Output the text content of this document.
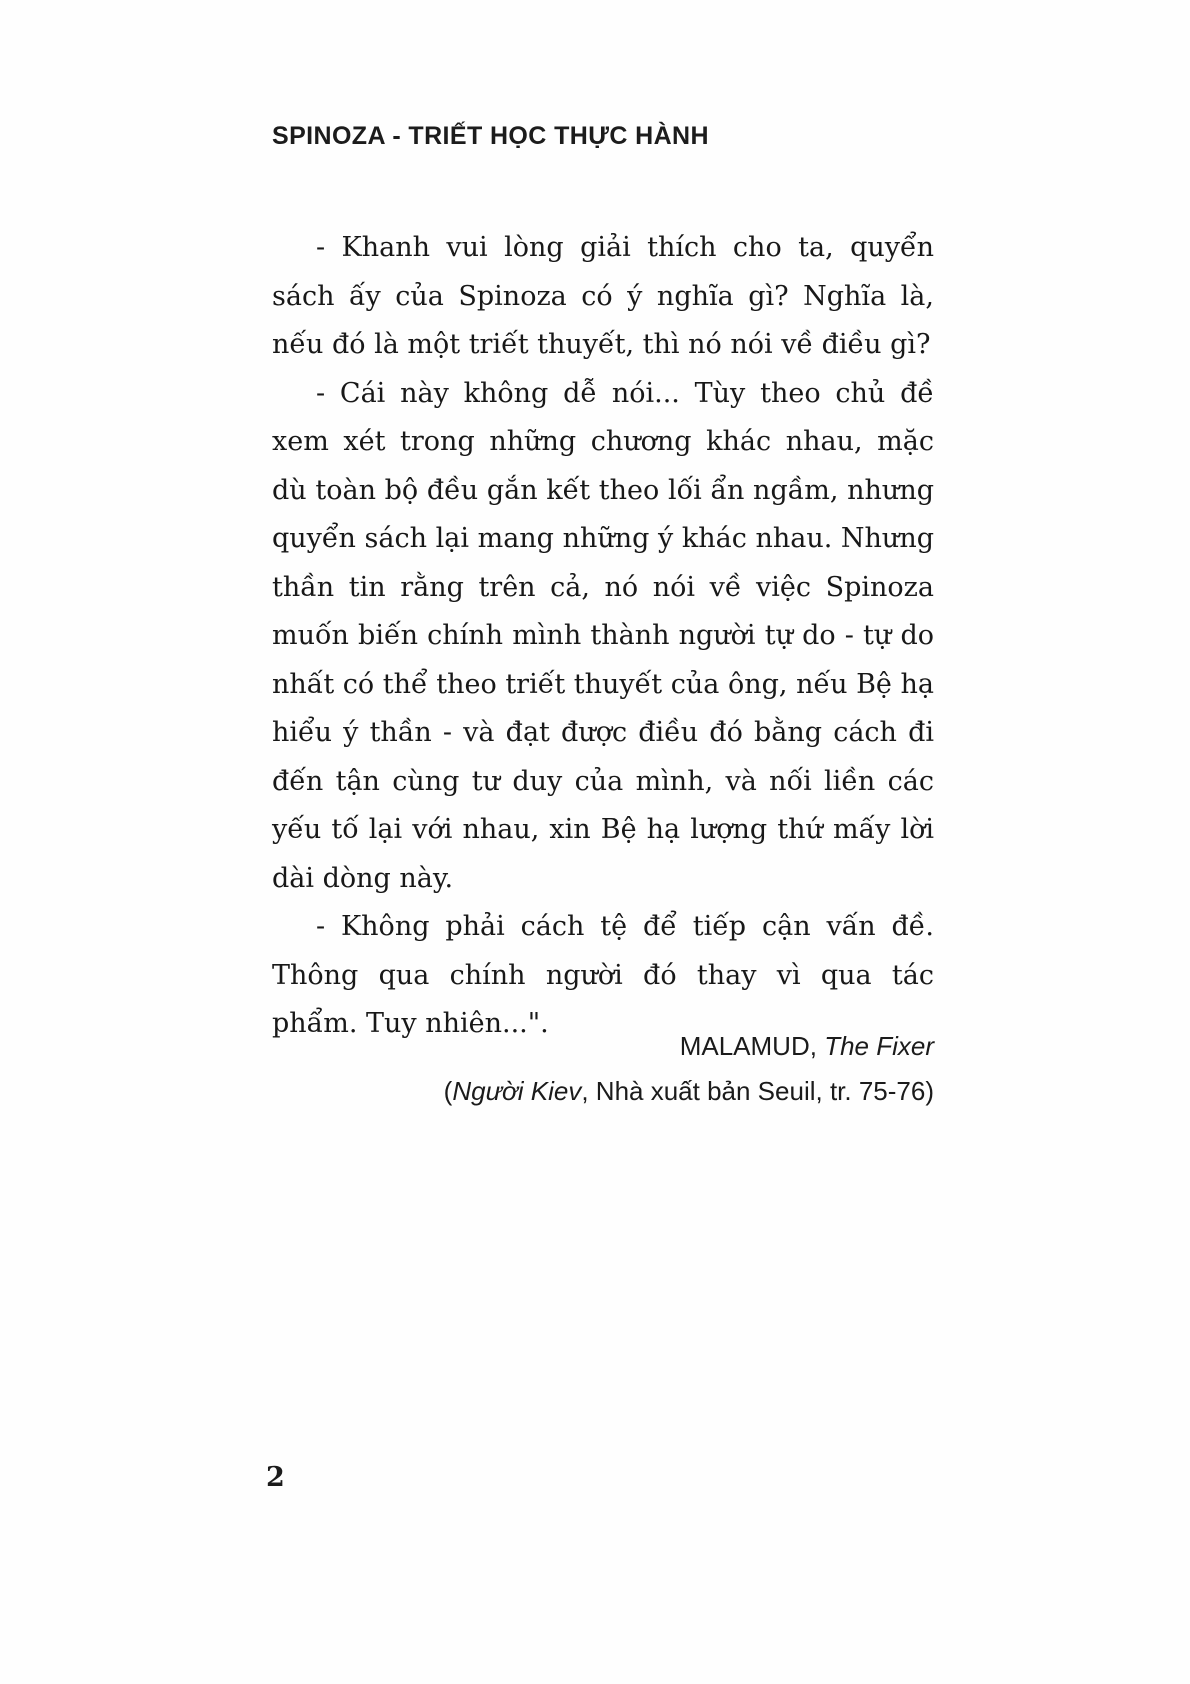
SPINOZA - TRIẾT HỌC THỰC HÀNH

- Khanh vui lòng giải thích cho ta, quyển sách ấy của Spinoza có ý nghĩa gì? Nghĩa là, nếu đó là một triết thuyết, thì nó nói về điều gì?

- Cái này không dễ nói... Tùy theo chủ đề xem xét trong những chương khác nhau, mặc dù toàn bộ đều gắn kết theo lối ẩn ngầm, nhưng quyển sách lại mang những ý khác nhau. Nhưng thần tin rằng trên cả, nó nói về việc Spinoza muốn biến chính mình thành người tự do - tự do nhất có thể theo triết thuyết của ông, nếu Bệ hạ hiểu ý thần - và đạt được điều đó bằng cách đi đến tận cùng tư duy của mình, và nối liền các yếu tố lại với nhau, xin Bệ hạ lượng thứ mấy lời dài dòng này.

- Không phải cách tệ để tiếp cận vấn đề. Thông qua chính người đó thay vì qua tác phẩm. Tuy nhiên...".

MALAMUD, The Fixer
(Người Kiev, Nhà xuất bản Seuil, tr. 75-76)
2
